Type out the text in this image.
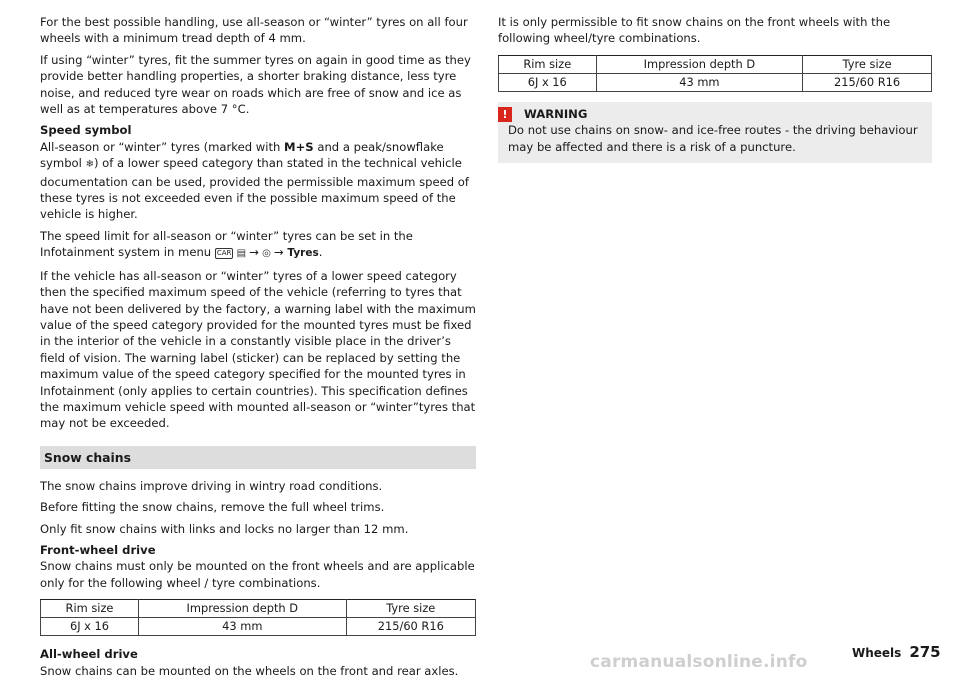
For the best possible handling, use all-season or “winter” tyres on all four wheels with a minimum tread depth of 4 mm.

If using “winter” tyres, fit the summer tyres on again in good time as they provide better handling properties, a shorter braking distance, less tyre noise, and reduced tyre wear on roads which are free of snow and ice as well as at temperatures above 7 °C.

Speed symbol
All-season or “winter” tyres (marked with M+S and a peak/snowflake symbol ❄) of a lower speed category than stated in the technical vehicle documentation can be used, provided the permissible maximum speed of these tyres is not exceeded even if the possible maximum speed of the vehicle is higher.

The speed limit for all-season or “winter” tyres can be set in the Infotainment system in menu CAR ▤ → ◎ → Tyres.

If the vehicle has all-season or “winter” tyres of a lower speed category then the specified maximum speed of the vehicle (referring to tyres that have not been delivered by the factory, a warning label with the maximum value of the speed category provided for the mounted tyres must be fixed in the interior of the vehicle in a constantly visible place in the driver’s field of vision. The warning label (sticker) can be replaced by setting the maximum value of the speed category specified for the mounted tyres in Infotainment (only applies to certain countries). This specification defines the maximum vehicle speed with mounted all-season or “winter”tyres that may not be exceeded.

Snow chains

The snow chains improve driving in wintry road conditions.

Before fitting the snow chains, remove the full wheel trims.

Only fit snow chains with links and locks no larger than 12 mm.

Front-wheel drive
Snow chains must only be mounted on the front wheels and are applicable only for the following wheel / tyre combinations.

Rim size	Impression depth D	Tyre size
6J x 16	43 mm	215/60 R16

All-wheel drive
Snow chains can be mounted on the wheels on the front and rear axles.

It is only permissible to fit snow chains on the front wheels with the following wheel/tyre combinations.

Rim size	Impression depth D	Tyre size
6J x 16	43 mm	215/60 R16
!	WARNING
Do not use chains on snow- and ice-free routes - the driving behaviour may be affected and there is a risk of a puncture.
Wheels 275
carmanualsonline.info
